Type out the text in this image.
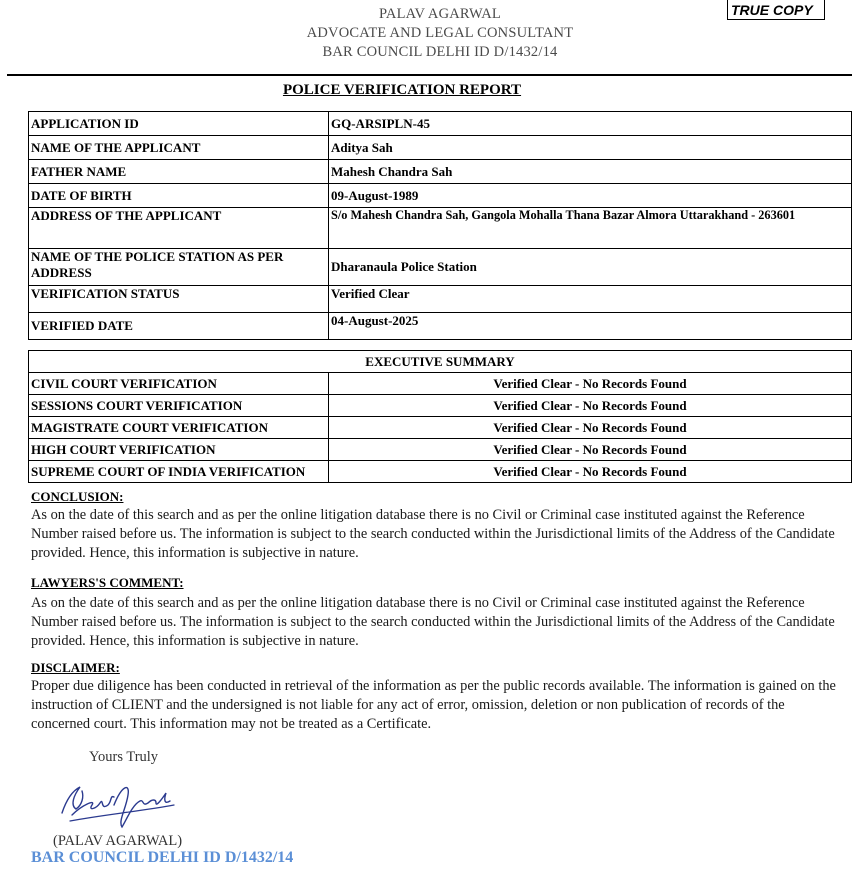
PALAV AGARWAL
ADVOCATE AND LEGAL CONSULTANT
BAR COUNCIL DELHI ID D/1432/14
TRUE COPY
POLICE VERIFICATION REPORT
APPLICATION ID	GQ-ARSIPLN-45
NAME OF THE APPLICANT	Aditya Sah
FATHER NAME	Mahesh Chandra Sah
DATE OF BIRTH	09-August-1989
ADDRESS OF THE APPLICANT	S/o Mahesh Chandra Sah, Gangola Mohalla Thana Bazar Almora Uttarakhand - 263601
NAME OF THE POLICE STATION AS PER ADDRESS	Dharanaula Police Station
VERIFICATION STATUS	Verified Clear
VERIFIED DATE	04-August-2025
EXECUTIVE SUMMARY	
CIVIL COURT VERIFICATION	Verified Clear - No Records Found
SESSIONS COURT VERIFICATION	Verified Clear - No Records Found
MAGISTRATE COURT VERIFICATION	Verified Clear - No Records Found
HIGH COURT VERIFICATION	Verified Clear - No Records Found
SUPREME COURT OF INDIA VERIFICATION	Verified Clear - No Records Found
CONCLUSION:
As on the date of this search and as per the online litigation database there is no Civil or Criminal case instituted against the Reference Number raised before us. The information is subject to the search conducted within the Jurisdictional limits of the Address of the Candidate provided. Hence, this information is subjective in nature.
LAWYERS'S COMMENT:
As on the date of this search and as per the online litigation database there is no Civil or Criminal case instituted against the Reference Number raised before us. The information is subject to the search conducted within the Jurisdictional limits of the Address of the Candidate provided. Hence, this information is subjective in nature.
DISCLAIMER:
Proper due diligence has been conducted in retrieval of the information as per the public records available. The information is gained on the instruction of CLIENT and the undersigned is not liable for any act of error, omission, deletion or non publication of records of the concerned court. This information may not be treated as a Certificate.
Yours Truly
(PALAV AGARWAL)
BAR COUNCIL DELHI ID D/1432/14
